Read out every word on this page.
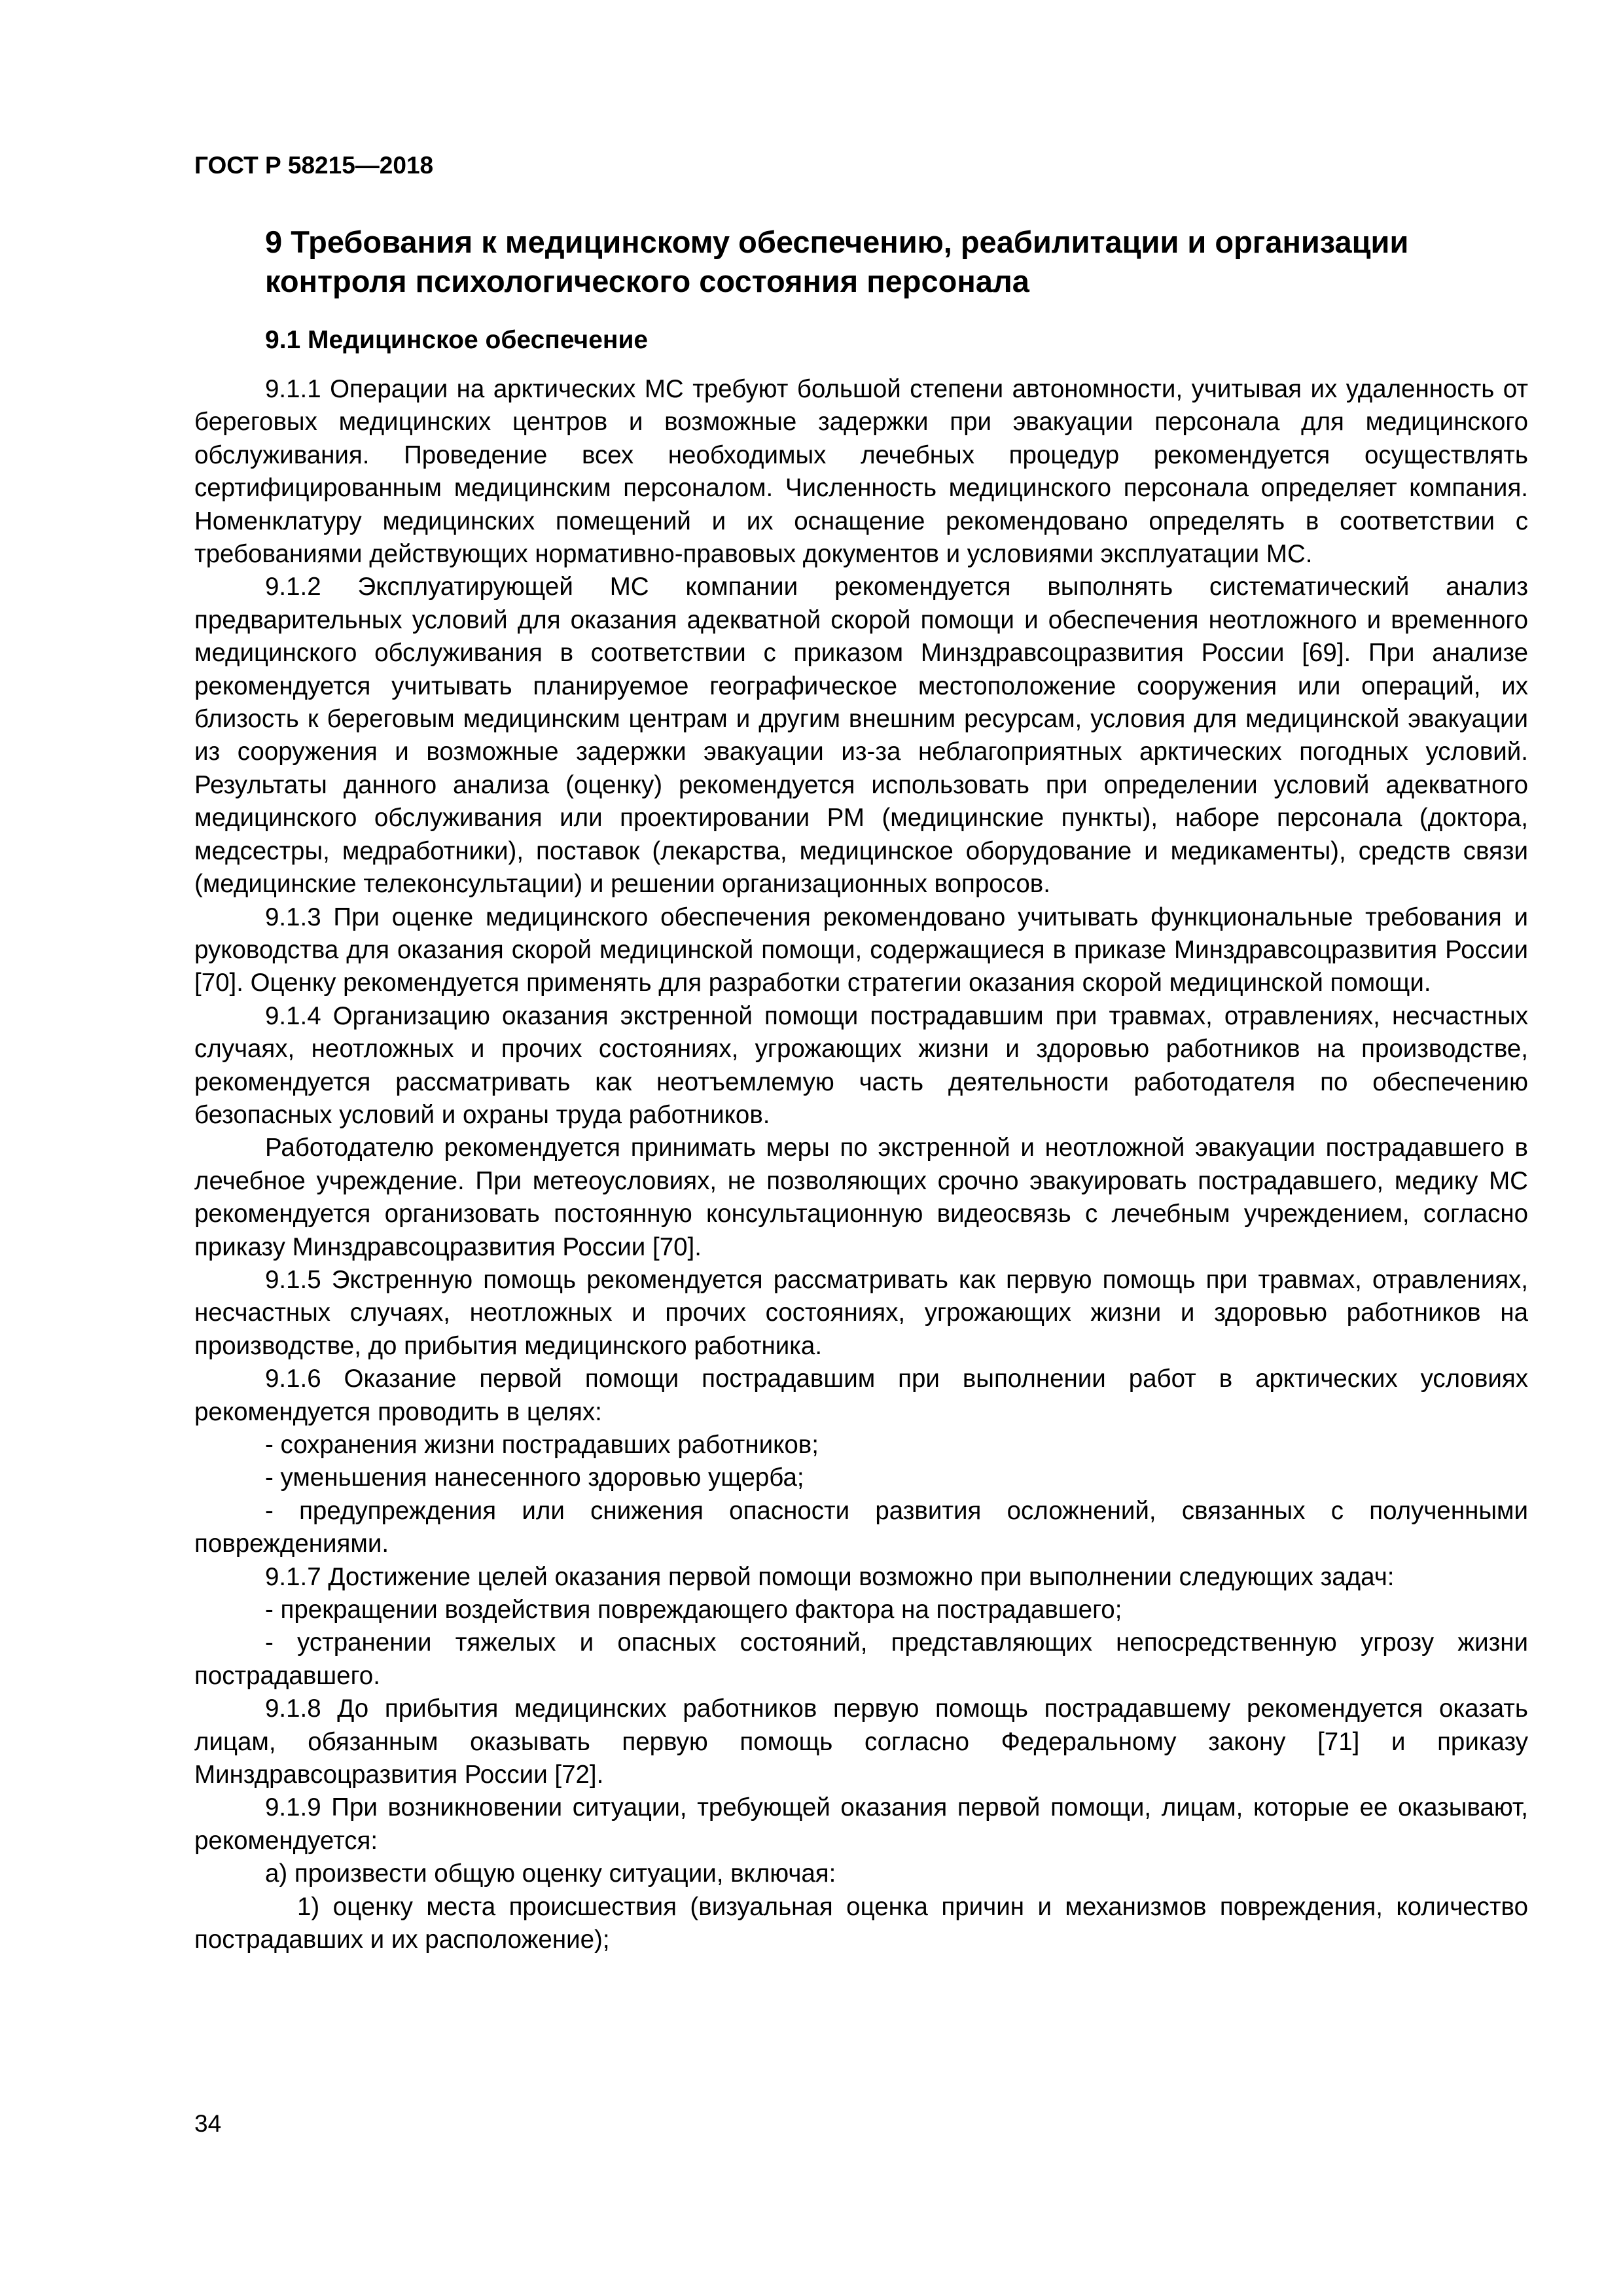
ГОСТ Р 58215—2018
9 Требования к медицинскому обеспечению, реабилитации и организации контроля психологического состояния персонала
9.1 Медицинское обеспечение

9.1.1 Операции на арктических МС требуют большой степени автономности, учитывая их удаленность от береговых медицинских центров и возможные задержки при эвакуации персонала для медицинского обслуживания. Проведение всех необходимых лечебных процедур рекомендуется осуществлять сертифицированным медицинским персоналом. Численность медицинского персонала определяет компания. Номенклатуру медицинских помещений и их оснащение рекомендовано определять в соответствии с требованиями действующих нормативно-правовых документов и условиями эксплуатации МС.

9.1.2 Эксплуатирующей МС компании рекомендуется выполнять систематический анализ предварительных условий для оказания адекватной скорой помощи и обеспечения неотложного и временного медицинского обслуживания в соответствии с приказом Минздравсоцразвития России [69]. При анализе рекомендуется учитывать планируемое географическое местоположение сооружения или операций, их близость к береговым медицинским центрам и другим внешним ресурсам, условия для медицинской эвакуации из сооружения и возможные задержки эвакуации из-за неблагоприятных арктических погодных условий. Результаты данного анализа (оценку) рекомендуется использовать при определении условий адекватного медицинского обслуживания или проектировании РМ (медицинские пункты), наборе персонала (доктора, медсестры, медработники), поставок (лекарства, медицинское оборудование и медикаменты), средств связи (медицинские телеконсультации) и решении организационных вопросов.

9.1.3 При оценке медицинского обеспечения рекомендовано учитывать функциональные требования и руководства для оказания скорой медицинской помощи, содержащиеся в приказе Минздравсоцразвития России [70]. Оценку рекомендуется применять для разработки стратегии оказания скорой медицинской помощи.

9.1.4 Организацию оказания экстренной помощи пострадавшим при травмах, отравлениях, несчастных случаях, неотложных и прочих состояниях, угрожающих жизни и здоровью работников на производстве, рекомендуется рассматривать как неотъемлемую часть деятельности работодателя по обеспечению безопасных условий и охраны труда работников.

Работодателю рекомендуется принимать меры по экстренной и неотложной эвакуации пострадавшего в лечебное учреждение. При метеоусловиях, не позволяющих срочно эвакуировать пострадавшего, медику МС рекомендуется организовать постоянную консультационную видеосвязь с лечебным учреждением, согласно приказу Минздравсоцразвития России [70].

9.1.5 Экстренную помощь рекомендуется рассматривать как первую помощь при травмах, отравлениях, несчастных случаях, неотложных и прочих состояниях, угрожающих жизни и здоровью работников на производстве, до прибытия медицинского работника.

9.1.6 Оказание первой помощи пострадавшим при выполнении работ в арктических условиях рекомендуется проводить в целях:

- сохранения жизни пострадавших работников;

- уменьшения нанесенного здоровью ущерба;

- предупреждения или снижения опасности развития осложнений, связанных с полученными повреждениями.

9.1.7 Достижение целей оказания первой помощи возможно при выполнении следующих задач:

- прекращении воздействия повреждающего фактора на пострадавшего;

- устранении тяжелых и опасных состояний, представляющих непосредственную угрозу жизни пострадавшего.

9.1.8 До прибытия медицинских работников первую помощь пострадавшему рекомендуется оказать лицам, обязанным оказывать первую помощь согласно Федеральному закону [71] и приказу Минздравсоцразвития России [72].

9.1.9 При возникновении ситуации, требующей оказания первой помощи, лицам, которые ее оказывают, рекомендуется:

а) произвести общую оценку ситуации, включая:

1) оценку места происшествия (визуальная оценка причин и механизмов повреждения, количество пострадавших и их расположение);

34
